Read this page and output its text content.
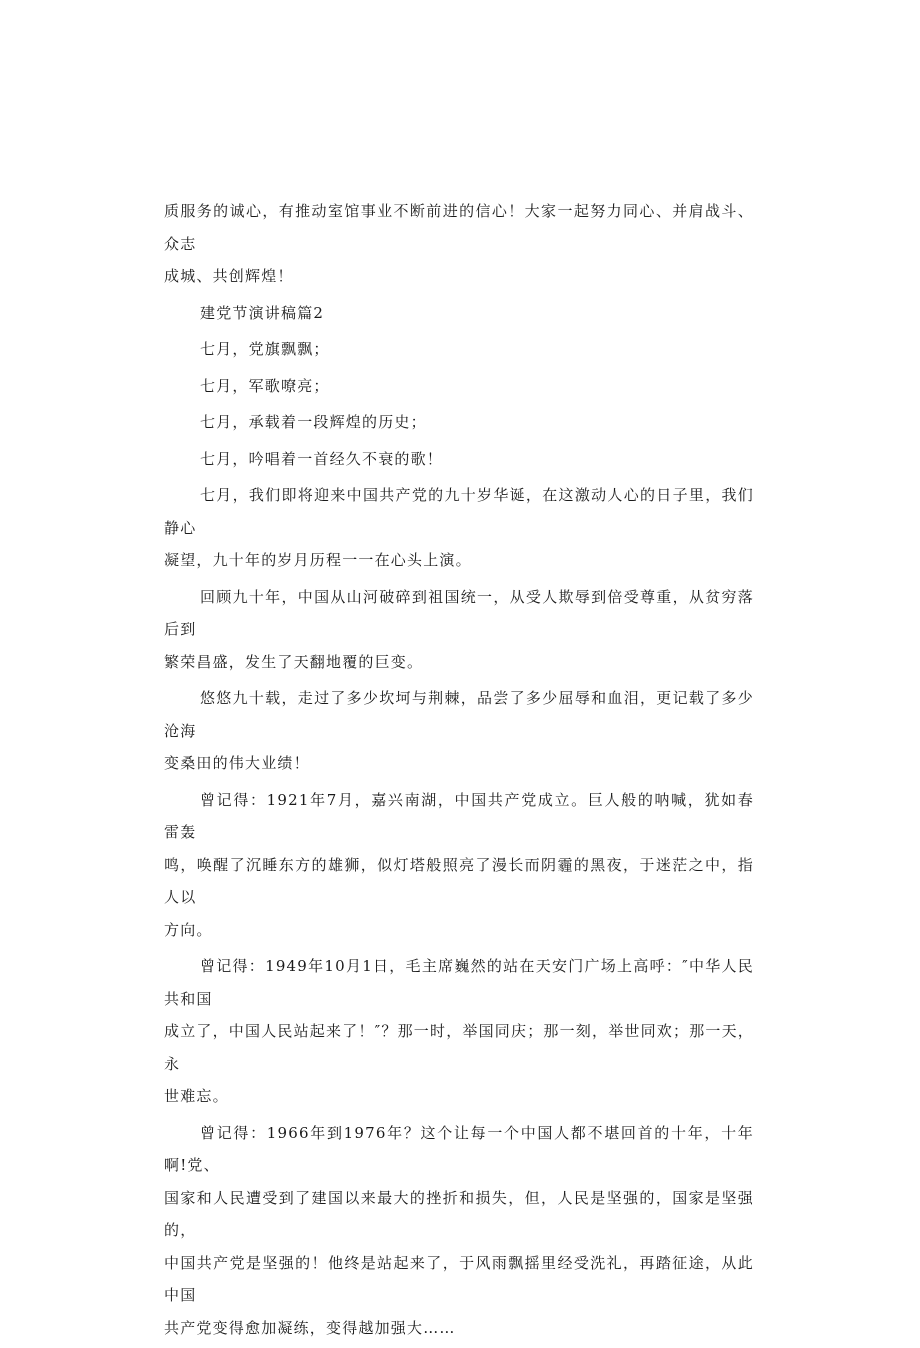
质服务的诚心，有推动室馆事业不断前进的信心！大家一起努力同心、并肩战斗、众志
成城、共创辉煌！

建党节演讲稿篇2

七月，党旗飘飘；

七月，军歌嘹亮；

七月，承载着一段辉煌的历史；

七月，吟唱着一首经久不衰的歌！

七月，我们即将迎来中国共产党的九十岁华诞，在这激动人心的日子里，我们静心
凝望，九十年的岁月历程一一在心头上演。

回顾九十年，中国从山河破碎到祖国统一，从受人欺辱到倍受尊重，从贫穷落后到
繁荣昌盛，发生了天翻地覆的巨变。

悠悠九十载，走过了多少坎坷与荆棘，品尝了多少屈辱和血泪，更记载了多少沧海
变桑田的伟大业绩！

曾记得：1921年7月，嘉兴南湖，中国共产党成立。巨人般的呐喊，犹如春雷轰
鸣，唤醒了沉睡东方的雄狮，似灯塔般照亮了漫长而阴霾的黑夜，于迷茫之中，指人以
方向。

曾记得：1949年10月1日，毛主席巍然的站在天安门广场上高呼：″中华人民共和国
成立了，中国人民站起来了！″？那一时，举国同庆；那一刻，举世同欢；那一天，永
世难忘。

曾记得：1966年到1976年？这个让每一个中国人都不堪回首的十年，十年啊!党、
国家和人民遭受到了建国以来最大的挫折和损失，但，人民是坚强的，国家是坚强的，
中国共产党是坚强的！他终是站起来了，于风雨飘摇里经受洗礼，再踏征途，从此中国
共产党变得愈加凝练，变得越加强大……
